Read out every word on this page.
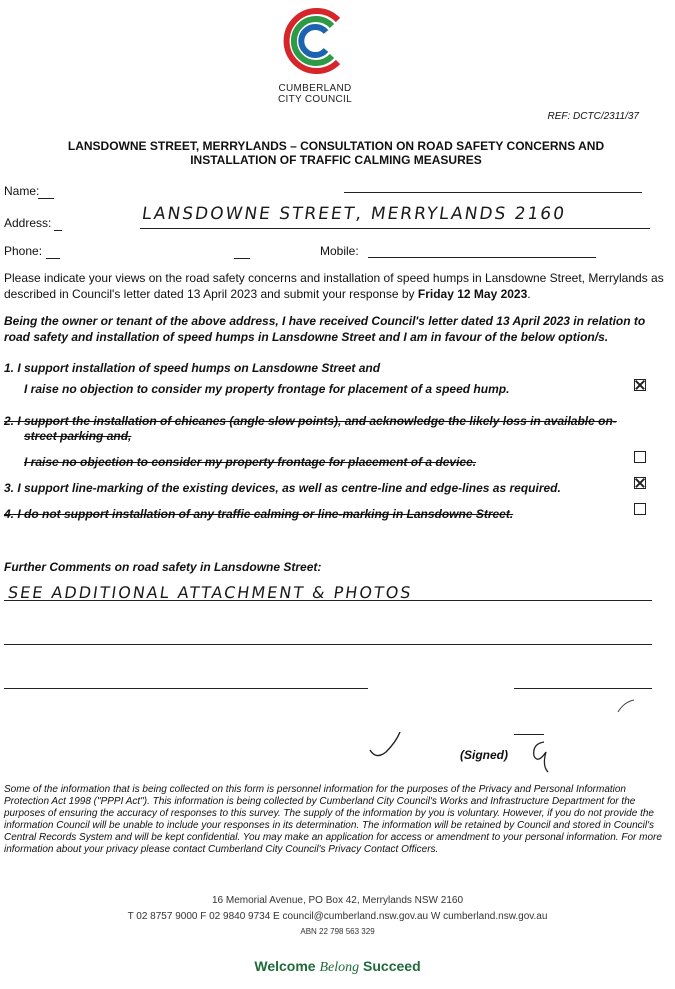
CUMBERLAND
CITY COUNCIL
REF: DCTC/2311/37
LANSDOWNE STREET, MERRYLANDS – CONSULTATION ON ROAD SAFETY CONCERNS AND
INSTALLATION OF TRAFFIC CALMING MEASURES
Name:
Address:	LANSDOWNE STREET, MERRYLANDS 2160
Phone:	Mobile:
Please indicate your views on the road safety concerns and installation of speed humps in Lansdowne Street, Merrylands as described in Council's letter dated 13 April 2023 and submit your response by Friday 12 May 2023.
Being the owner or tenant of the above address, I have received Council's letter dated 13 April 2023 in relation to road safety and installation of speed humps in Lansdowne Street and I am in favour of the below option/s.
1. I support installation of speed humps on Lansdowne Street and
I raise no objection to consider my property frontage for placement of a speed hump.
2. I support the installation of chicanes (angle slow points), and acknowledge the likely loss in available on-
street parking and,
I raise no objection to consider my property frontage for placement of a device.
3. I support line-marking of the existing devices, as well as centre-line and edge-lines as required.
4. I do not support installation of any traffic calming or line-marking in Lansdowne Street.
Further Comments on road safety in Lansdowne Street:
SEE ADDITIONAL ATTACHMENT & PHOTOS
(Signed)
Some of the information that is being collected on this form is personnel information for the purposes of the Privacy and Personal Information Protection Act 1998 ("PPPI Act"). This information is being collected by Cumberland City Council's Works and Infrastructure Department for the purposes of ensuring the accuracy of responses to this survey. The supply of the information by you is voluntary. However, if you do not provide the information Council will be unable to include your responses in its determination. The information will be retained by Council and stored in Council's Central Records System and will be kept confidential. You may make an application for access or amendment to your personal information. For more information about your privacy please contact Cumberland City Council's Privacy Contact Officers.
16 Memorial Avenue, PO Box 42, Merrylands NSW 2160
T 02 8757 9000 F 02 9840 9734 E council@cumberland.nsw.gov.au W cumberland.nsw.gov.au
ABN 22 798 563 329
Welcome Belong Succeed
